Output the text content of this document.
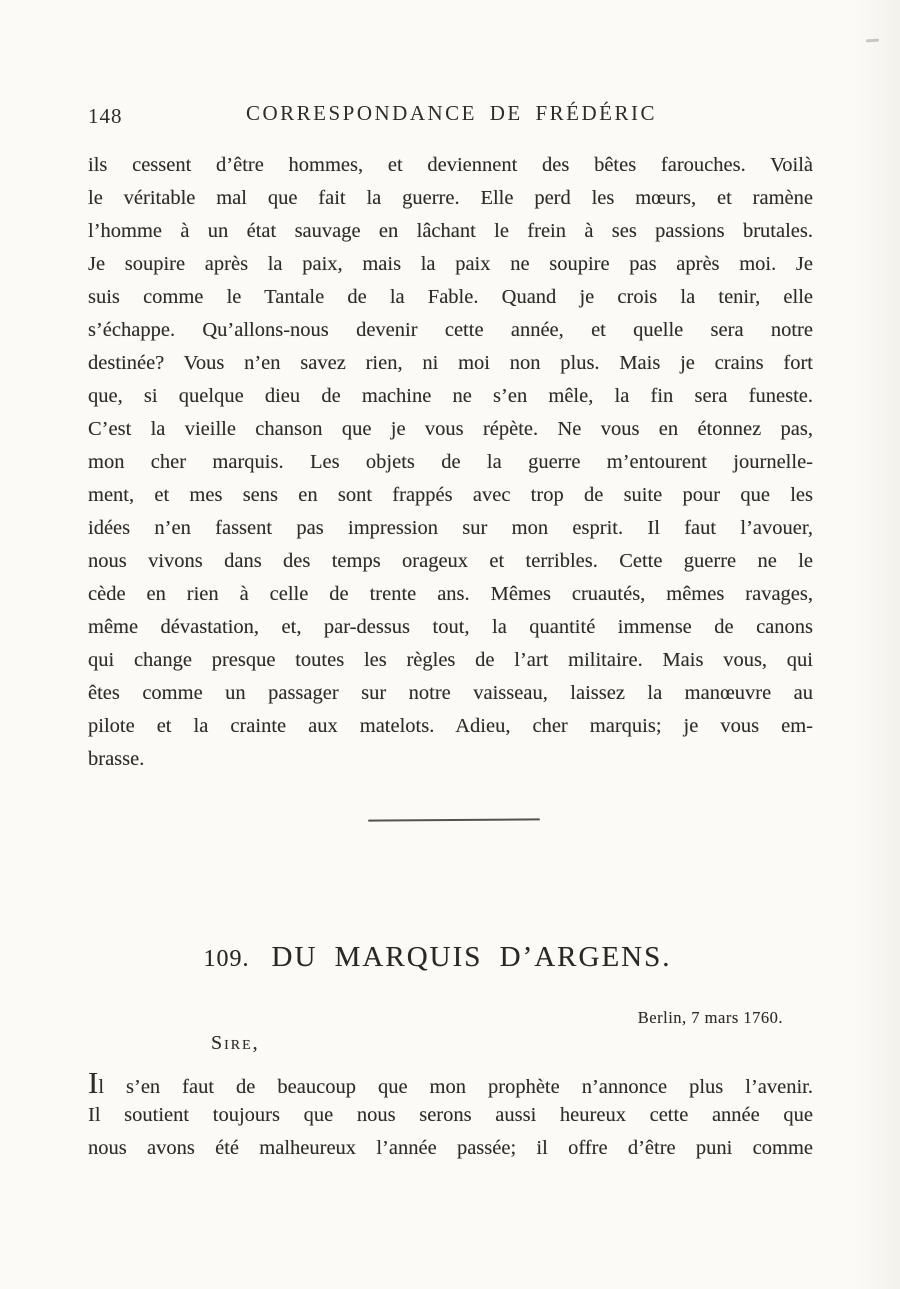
148	CORRESPONDANCE DE FRÉDÉRIC
ils cessent d’être hommes, et deviennent des bêtes farouches. Voilà
le véritable mal que fait la guerre. Elle perd les mœurs, et ramène
l’homme à un état sauvage en lâchant le frein à ses passions brutales.
Je soupire après la paix, mais la paix ne soupire pas après moi. Je
suis comme le Tantale de la Fable. Quand je crois la tenir, elle
s’échappe. Qu’allons-nous devenir cette année, et quelle sera notre
destinée? Vous n’en savez rien, ni moi non plus. Mais je crains fort
que, si quelque dieu de machine ne s’en mêle, la fin sera funeste.
C’est la vieille chanson que je vous répète. Ne vous en étonnez pas,
mon cher marquis. Les objets de la guerre m’entourent journelle-
ment, et mes sens en sont frappés avec trop de suite pour que les
idées n’en fassent pas impression sur mon esprit. Il faut l’avouer,
nous vivons dans des temps orageux et terribles. Cette guerre ne le
cède en rien à celle de trente ans. Mêmes cruautés, mêmes ravages,
même dévastation, et, par-dessus tout, la quantité immense de canons
qui change presque toutes les règles de l’art militaire. Mais vous, qui
êtes comme un passager sur notre vaisseau, laissez la manœuvre au
pilote et la crainte aux matelots. Adieu, cher marquis; je vous em-
brasse.
109. DU MARQUIS D’ARGENS.
Berlin, 7 mars 1760.
Sire,
Il s’en faut de beaucoup que mon prophète n’annonce plus l’avenir.
Il soutient toujours que nous serons aussi heureux cette année que
nous avons été malheureux l’année passée; il offre d’être puni comme
